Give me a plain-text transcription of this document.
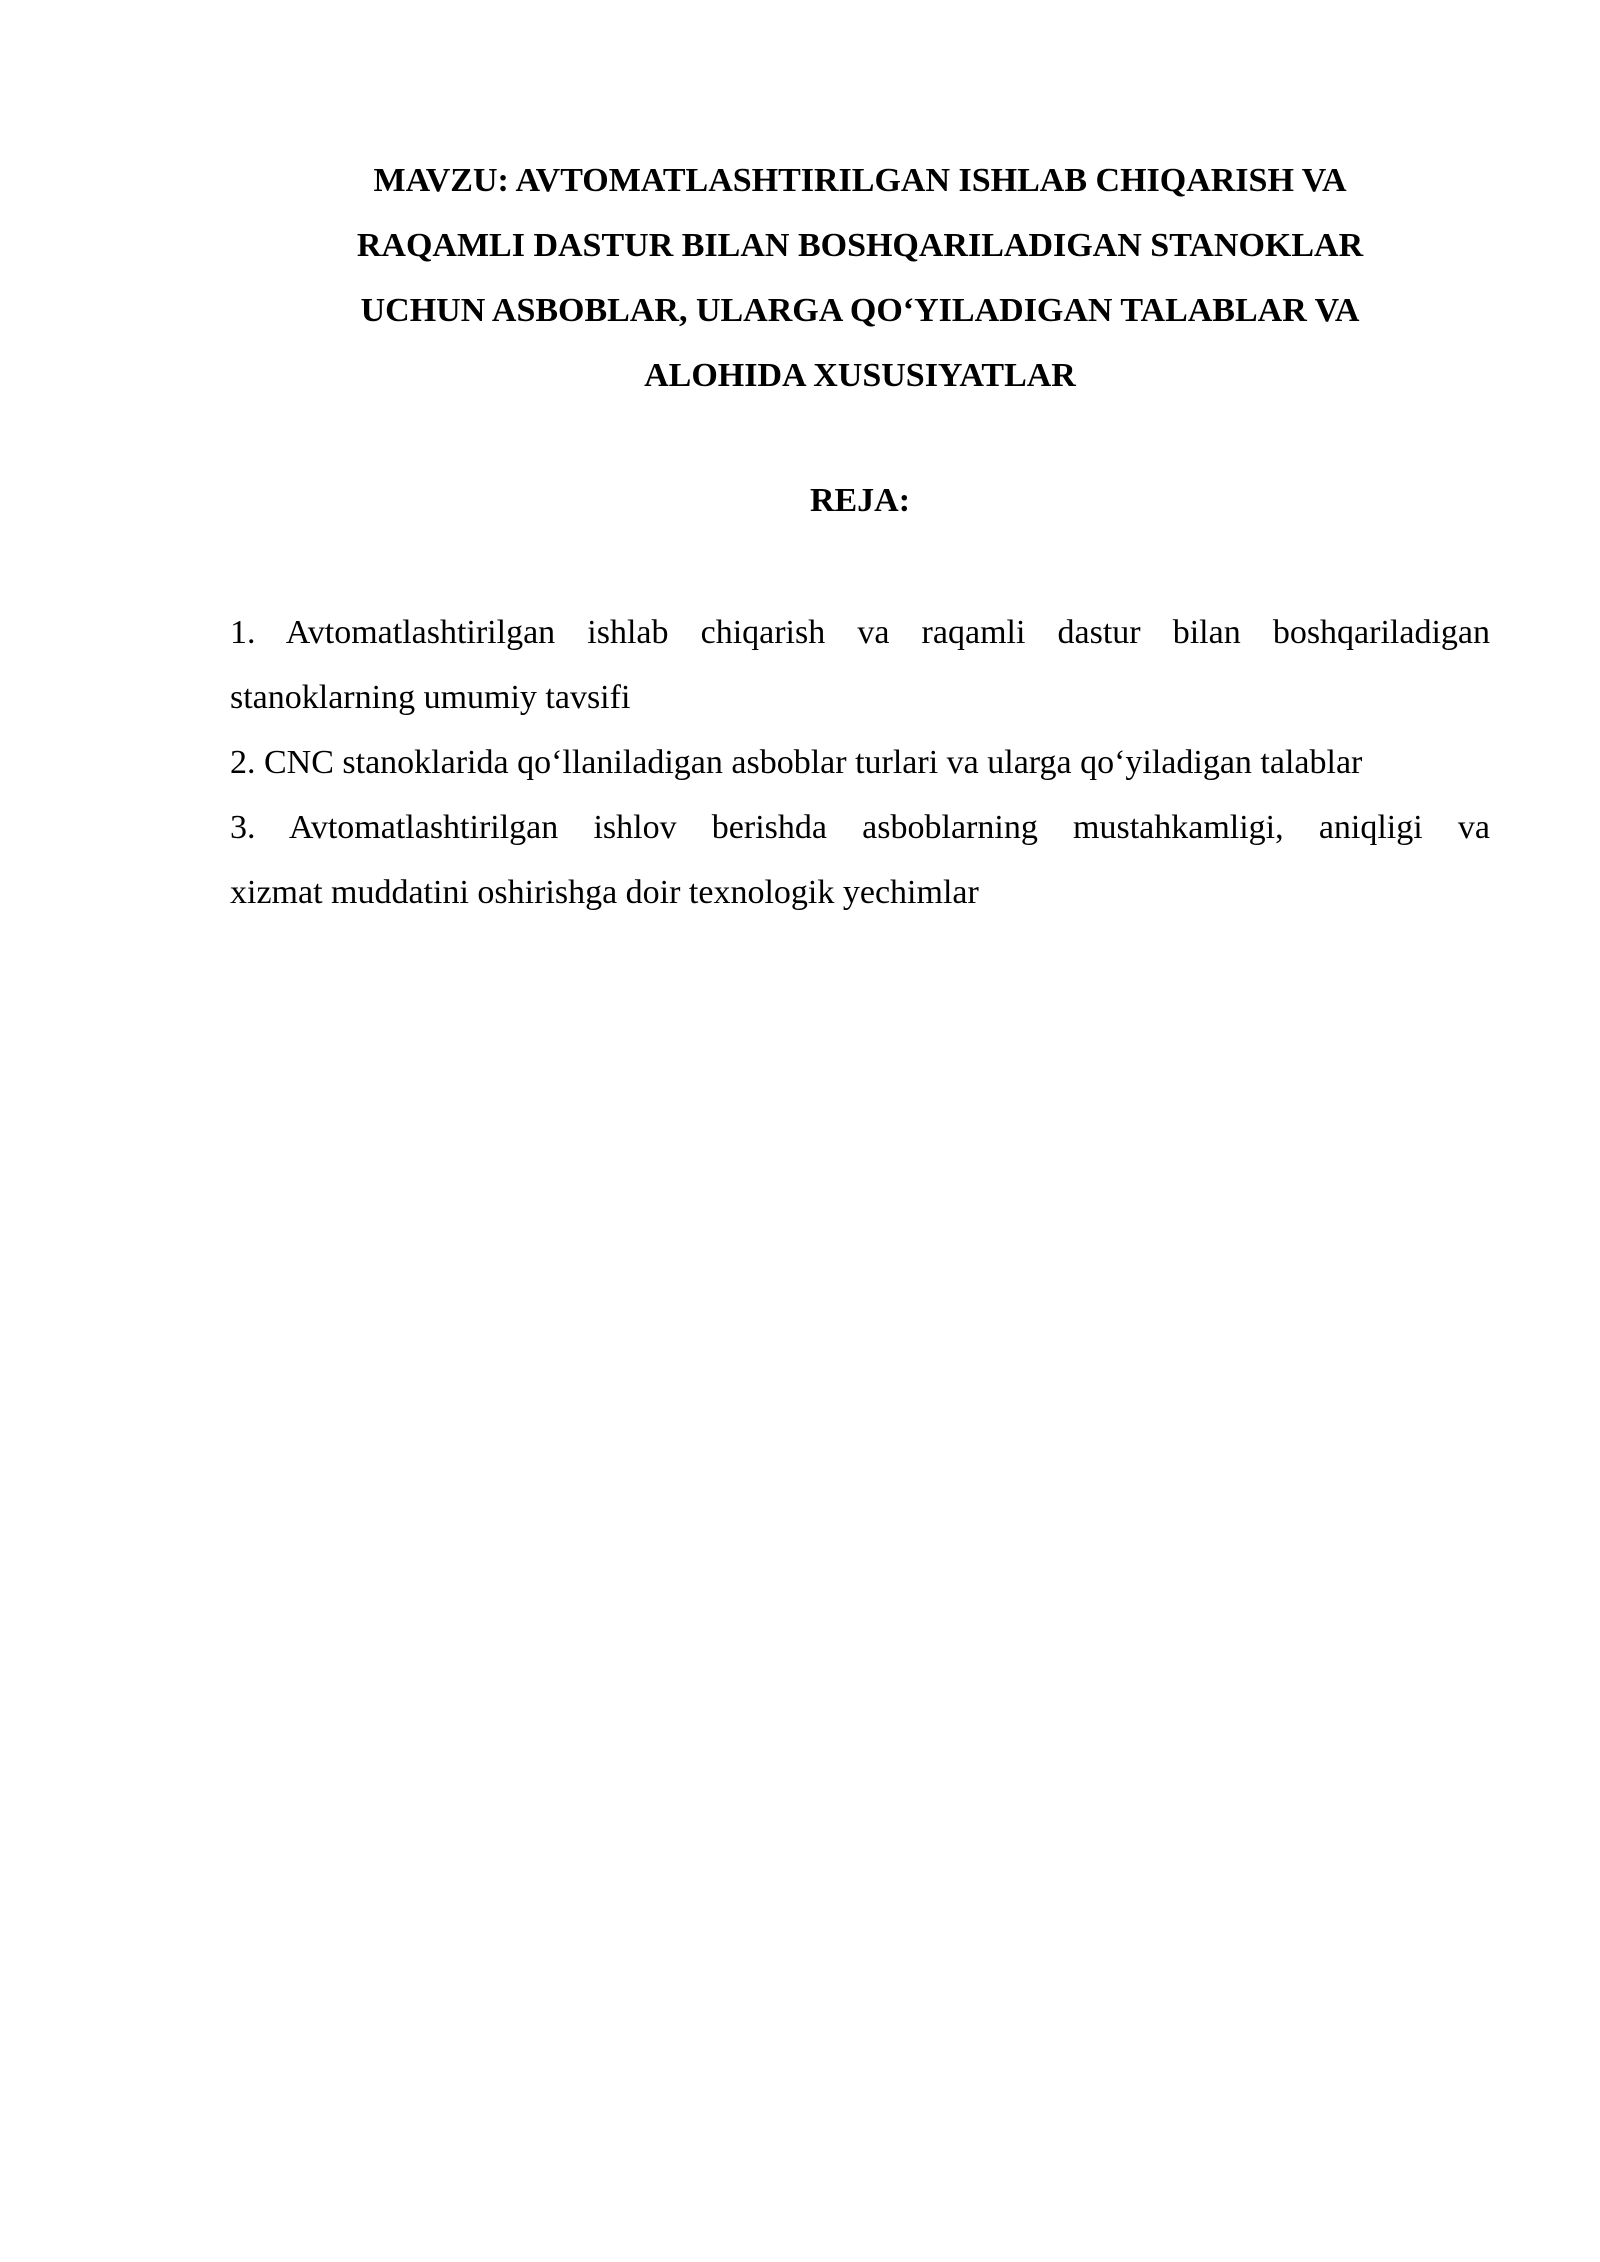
MAVZU: AVTOMATLASHTIRILGAN ISHLAB CHIQARISH VA
RAQAMLI DASTUR BILAN BOSHQARILADIGAN STANOKLAR
UCHUN ASBOBLAR, ULARGA QO‘YILADIGAN TALABLAR VA
ALOHIDA XUSUSIYATLAR
REJA:
1. Avtomatlashtirilgan ishlab chiqarish va raqamli dastur bilan boshqariladigan
stanoklarning umumiy tavsifi
2. CNC stanoklarida qo‘llaniladigan asboblar turlari va ularga qo‘yiladigan talablar
3. Avtomatlashtirilgan ishlov berishda asboblarning mustahkamligi, aniqligi va
xizmat muddatini oshirishga doir texnologik yechimlar
